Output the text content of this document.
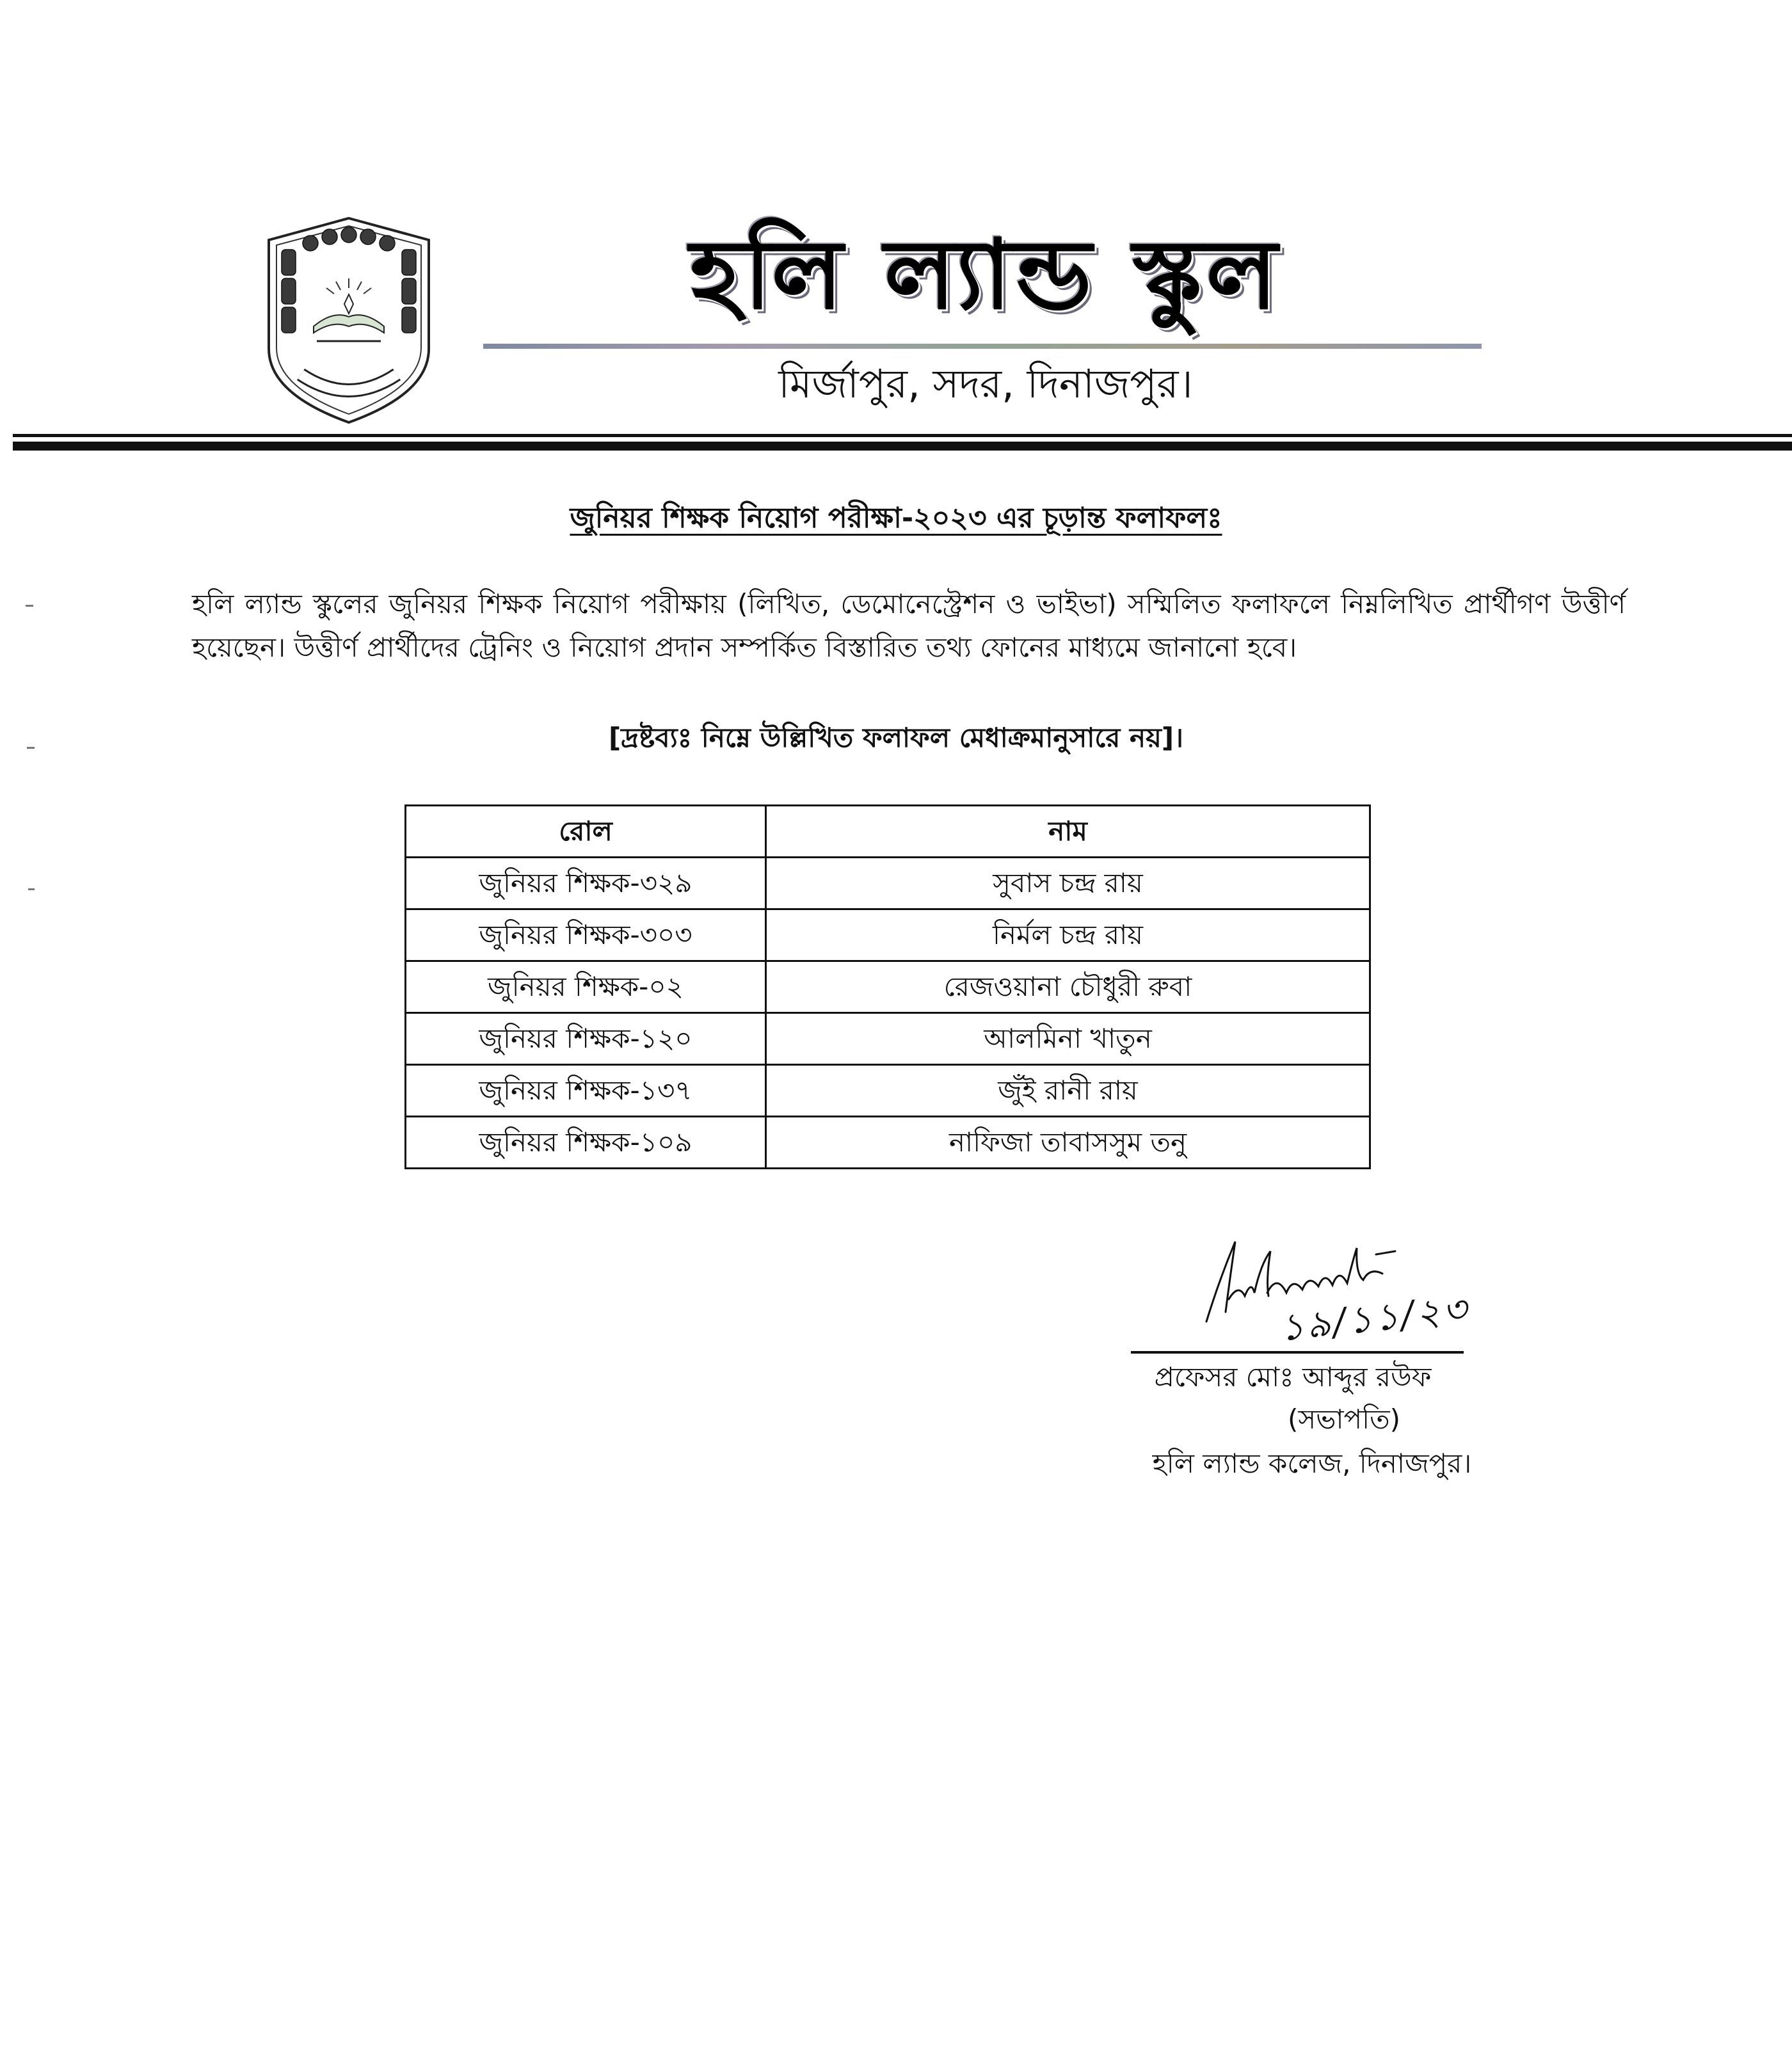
হলি ল্যান্ড স্কুল
মির্জাপুর, সদর, দিনাজপুর।
জুনিয়র শিক্ষক নিয়োগ পরীক্ষা-২০২৩ এর চূড়ান্ত ফলাফলঃ
হলি ল্যান্ড স্কুলের জুনিয়র শিক্ষক নিয়োগ পরীক্ষায় (লিখিত, ডেমোনেস্ট্রেশন ও ভাইভা) সম্মিলিত ফলাফলে নিম্নলিখিত প্রার্থীগণ উত্তীর্ণ হয়েছেন। উত্তীর্ণ প্রার্থীদের ট্রেনিং ও নিয়োগ প্রদান সম্পর্কিত বিস্তারিত তথ্য ফোনের মাধ্যমে জানানো হবে।
[দ্রষ্টব্যঃ নিম্নে উল্লিখিত ফলাফল মেধাক্রমানুসারে নয়]।
রোল	নাম
জুনিয়র শিক্ষক-৩২৯	সুবাস চন্দ্র রায়
জুনিয়র শিক্ষক-৩০৩	নির্মল চন্দ্র রায়
জুনিয়র শিক্ষক-০২	রেজওয়ানা চৌধুরী রুবা
জুনিয়র শিক্ষক-১২০	আলমিনা খাতুন
জুনিয়র শিক্ষক-১৩৭	জুঁই রানী রায়
জুনিয়র শিক্ষক-১০৯	নাফিজা তাবাসসুম তনু
১৯/১১/২৩
প্রফেসর মোঃ আব্দুর রউফ
(সভাপতি)
হলি ল্যান্ড কলেজ, দিনাজপুর।
